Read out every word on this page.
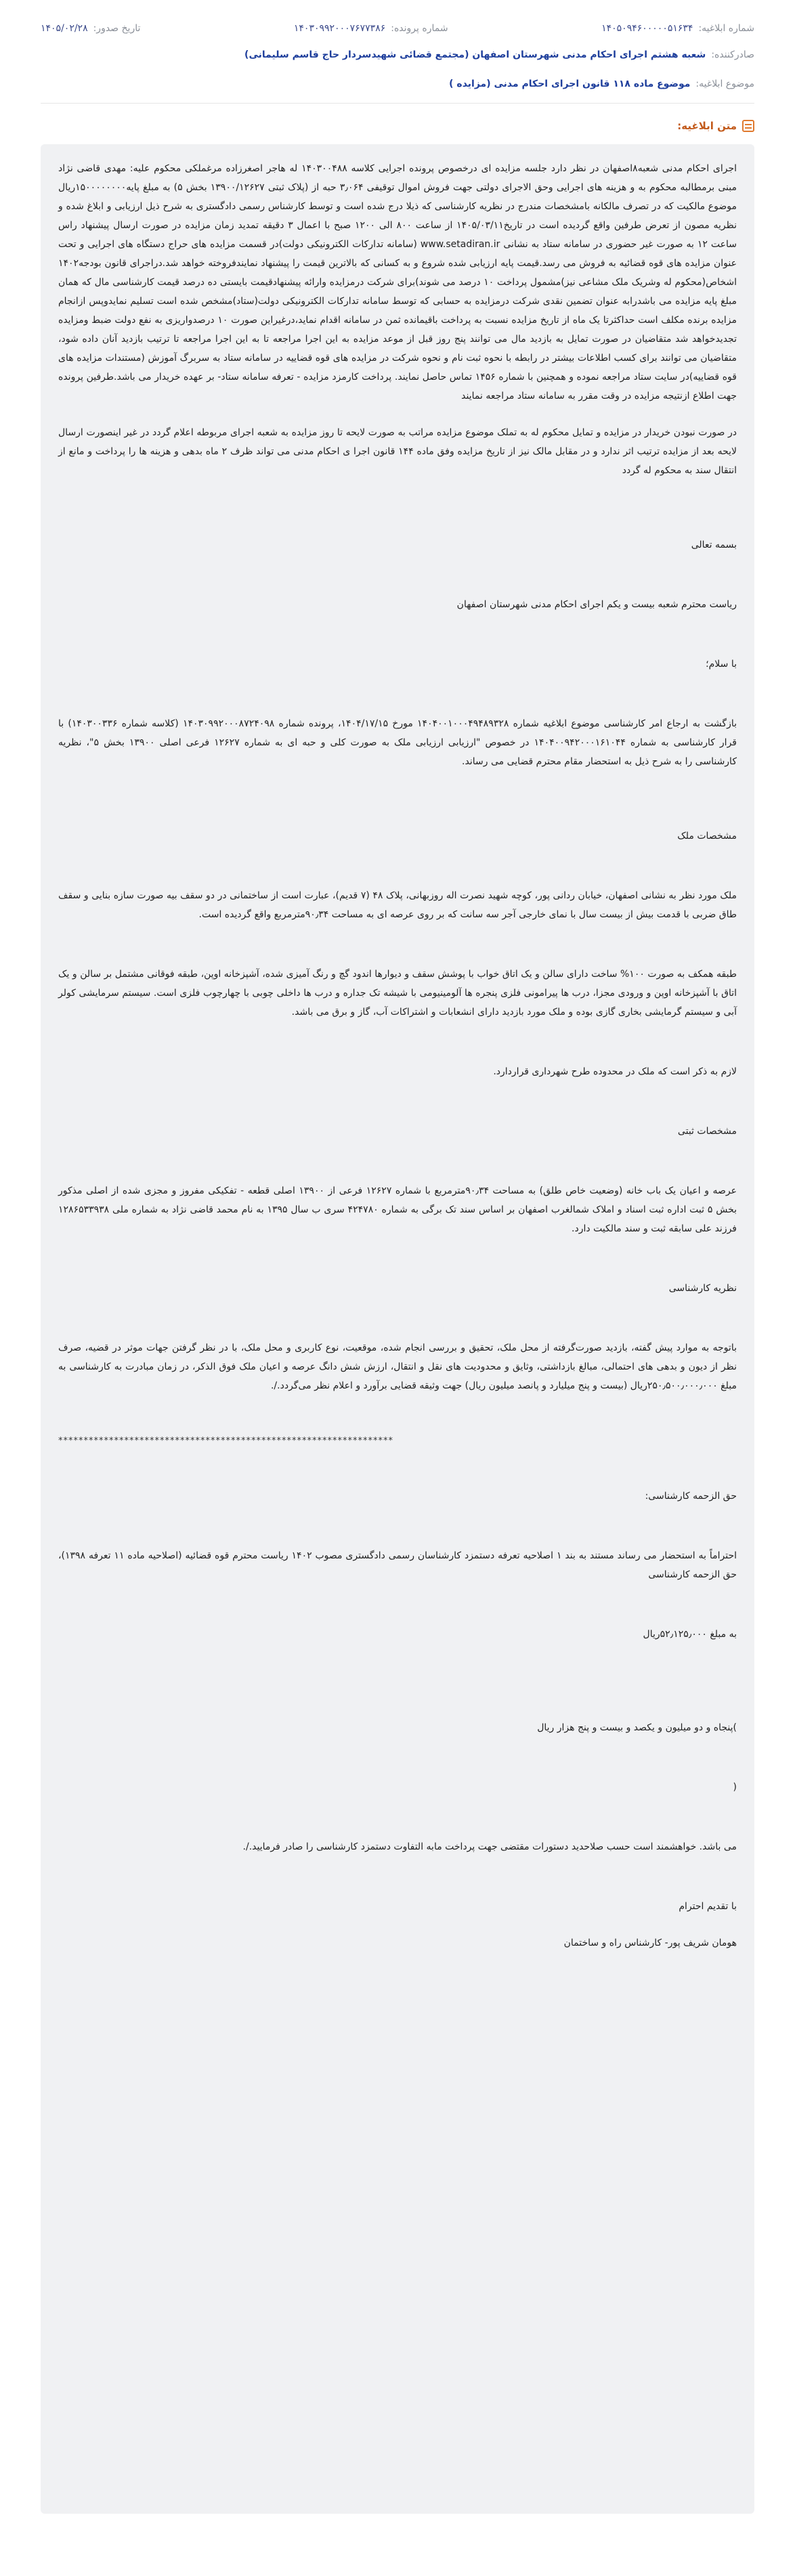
شماره ابلاغیه:
۱۴۰۵۰۹۴۶۰۰۰۰۰۵۱۶۳۴
شماره پرونده:
۱۴۰۳۰۹۹۲۰۰۰۷۶۷۷۳۸۶
تاریخ صدور:
۱۴۰۵/۰۲/۲۸
صادرکننده:
شعبه هشتم اجرای احکام مدنی شهرستان اصفهان (مجتمع قضائی شهیدسردار حاج قاسم سلیمانی)
موضوع ابلاغیه:
موضوع ماده ۱۱۸ قانون اجرای احکام مدنی (مزایده )
متن ابلاغیه:

اجرای احکام مدنی شعبه۸اصفهان در نظر دارد جلسه مزایده ای درخصوص پرونده اجرایی کلاسه ۱۴۰۳۰۰۴۸۸ له هاجر اصغرزاده مرغملکی محکوم علیه: مهدی قاضی نژاد مبنی برمطالبه محکوم به و هزینه های اجرایی وحق الاجرای دولتی جهت فروش اموال توقیفی ۳٫۰۶۴ حبه از (پلاک ثبتی ۱۳۹۰۰/۱۲۶۲۷ بخش ۵) به مبلغ پایه۱۵۰۰۰۰۰۰۰۰ریال موضوع مالکیت که در تصرف مالکانه بامشخصات مندرج در نظریه کارشناسی که ذیلا درج شده است و توسط کارشناس رسمی دادگستری به شرح ذیل ارزیابی و ابلاغ شده و نظریه مصون از تعرض طرفین واقع گردیده است در تاریخ۱۴۰۵/۰۳/۱۱ از ساعت ۸۰۰ الی ۱۲۰۰ صبح با اعمال ۳ دقیقه تمدید زمان مزایده در صورت ارسال پیشنهاد راس ساعت ۱۲ به صورت غیر حضوری در سامانه ستاد به نشانی www.setadiran.ir (سامانه تدارکات الکترونیکی دولت)در قسمت مزایده های حراج دستگاه های اجرایی و تحت عنوان مزایده های قوه قضائیه به فروش می رسد.قیمت پایه ارزیابی شده شروع و به کسانی که بالاترین قیمت را پیشنهاد نمایندفروخته خواهد شد.دراجرای قانون بودجه۱۴۰۲ اشخاص(محکوم له وشریک ملک مشاعی نیز)مشمول پرداخت ۱۰ درصد می شوند)برای شرکت درمزایده وارائه پیشنهادقیمت بایستی ده درصد قیمت کارشناسی مال که همان مبلغ پایه مزایده می باشدرابه عنوان تضمین نقدی شرکت درمزایده به حسابی که توسط سامانه تدارکات الکترونیکی دولت(ستاد)مشخص شده است تسلیم نمایدوپس ازانجام مزایده برنده مکلف است حداکثرتا یک ماه از تاریخ مزایده نسبت به پرداخت باقیمانده ثمن در سامانه اقدام نماید،درغیراین صورت ۱۰ درصدواریزی به نفع دولت ضبط ومزایده تجدیدخواهد شد متقاضیان در صورت تمایل به بازدید مال می توانند پنج روز قبل از موعد مزایده به این اجرا مراجعه تا به این اجرا مراجعه تا ترتیب بازدید آنان داده شود، متقاضیان می توانند برای کسب اطلاعات بیشتر در رابطه با نحوه ثبت نام و نحوه شرکت در مزایده های قوه قضاییه در سامانه ستاد به سربرگ آموزش (مستندات مزایده های قوه قضاییه)در سایت ستاد مراجعه نموده و همچنین با شماره ۱۴۵۶ تماس حاصل نمایند. پرداخت کارمزد مزایده - تعرفه سامانه ستاد- بر عهده خریدار می باشد.طرفین پرونده جهت اطلاع ازنتیجه مزایده در وقت مقرر به سامانه ستاد مراجعه نمایند

در صورت نبودن خریدار در مزایده و تمایل محکوم له به تملک موضوع مزایده مراتب به صورت لایحه تا روز مزایده به شعبه اجرای مربوطه اعلام گردد در غیر اینصورت ارسال لایحه بعد از مزایده ترتیب اثر ندارد و در مقابل مالک نیز از تاریخ مزایده وفق ماده ۱۴۴ قانون اجرا ی احکام مدنی می تواند ظرف ۲ ماه بدهی و هزینه ها را پرداخت و مانع از انتقال سند به محکوم له گردد

بسمه تعالی

ریاست محترم شعبه بیست و یکم اجرای احکام مدنی شهرستان اصفهان

با سلام؛

بازگشت به ارجاع امر کارشناسی موضوع ابلاغیه شماره ۱۴۰۴۰۰۱۰۰۰۴۹۴۸۹۳۲۸ مورخ ۱۴۰۴/۱۷/۱۵، پرونده شماره ۱۴۰۳۰۹۹۲۰۰۰۸۷۲۴۰۹۸ (کلاسه شماره ۱۴۰۳۰۰۳۳۶) با قرار کارشناسی به شماره ۱۴۰۴۰۰۹۴۲۰۰۰۱۶۱۰۴۴ در خصوص "ارزیابی ارزیابی ملک به صورت کلی و حبه ای به شماره ۱۲۶۲۷ فرعی اصلی ۱۳۹۰۰ بخش ۵"، نظریه کارشناسی را به شرح ذیل به استحضار مقام محترم قضایی می رساند.

مشخصات ملک

ملک مورد نظر به نشانی اصفهان، خیابان ردانی پور، کوچه شهید نصرت اله روزبهانی، پلاک ۴۸ (۷ قدیم)، عبارت است از ساختمانی در دو سقف بیه صورت سازه بنایی و سقف طاق ضربی با قدمت بیش از بیست سال با نمای خارجی آجر سه سانت که بر روی عرصه ای به مساحت ۹۰٫۳۴مترمربع واقع گردیده است.

طبقه همکف به صورت ۱۰۰% ساخت دارای سالن و یک اتاق خواب با پوشش سقف و دیوارها اندود گچ و رنگ آمیزی شده، آشپزخانه اوپن، طبقه فوقانی مشتمل بر سالن و یک اتاق با آشپزخانه اوپن و ورودی مجزا، درب ها پیرامونی فلزی پنجره ها آلومینیومی با شیشه تک جداره و درب ها داخلی چوبی با چهارچوب فلزی است. سیستم سرمایشی کولر آبی و سیستم گرمایشی بخاری گازی بوده و ملک مورد بازدید دارای انشعابات و اشتراکات آب، گاز و برق می باشد.

لازم به ذکر است که ملک در محدوده طرح شهرداری قراردارد.

مشخصات ثبتی

عرصه و اعیان یک باب خانه (وضعیت خاص طلق) به مساحت ۹۰٫۳۴مترمربع با شماره ۱۲۶۲۷ فرعی از ۱۳۹۰۰ اصلی قطعه - تفکیکی مفروز و مجزی شده از اصلی مذکور بخش ۵ ثبت اداره ثبت اسناد و املاک شمالغرب اصفهان بر اساس سند تک برگی به شماره ۴۲۴۷۸۰ سری ب سال ۱۳۹۵ به نام محمد قاضی نژاد به شماره ملی ۱۲۸۶۵۳۳۹۳۸ فرزند علی سابقه ثبت و سند مالکیت دارد.

نظریه کارشناسی

باتوجه به موارد پیش گفته، بازدید صورت‌گرفته از محل ملک، تحقیق و بررسی انجام شده، موقعیت، نوع کاربری و محل ملک، با در نظر گرفتن جهات موثر در قضیه، صرف نظر از دیون و بدهی های احتمالی، مبالغ بازداشتی، وثایق و محدودیت های نقل و انتقال، ارزش شش دانگ عرصه و اعیان ملک فوق الذکر، در زمان مبادرت به کارشناسی به مبلغ ۲۵۰٫۵۰۰٫۰۰۰٫۰۰۰ریال (بیست و پنج میلیارد و پانصد میلیون ریال) جهت وثیقه قضایی برآورد و اعلام نظر می‌گردد./.

******************************************************************

حق الزحمه کارشناسی:

احتراماً به استحضار می رساند مستند به بند ۱ اصلاحیه تعرفه دستمزد کارشناسان رسمی دادگستری مصوب ۱۴۰۲ ریاست محترم قوه قضائیه (اصلاحیه ماده ۱۱ تعرفه ۱۳۹۸)، حق الزحمه کارشناسی

به مبلغ ۵۲٫۱۲۵٫۰۰۰ریال

)پنجاه و دو میلیون و یکصد و بیست و پنج هزار ریال

(

می باشد. خواهشمند است حسب صلاحدید دستورات مقتضی جهت پرداخت مابه التفاوت دستمزد کارشناسی را صادر فرمایید./.

با تقدیم احترام

هومان شریف پور- کارشناس راه و ساختمان
